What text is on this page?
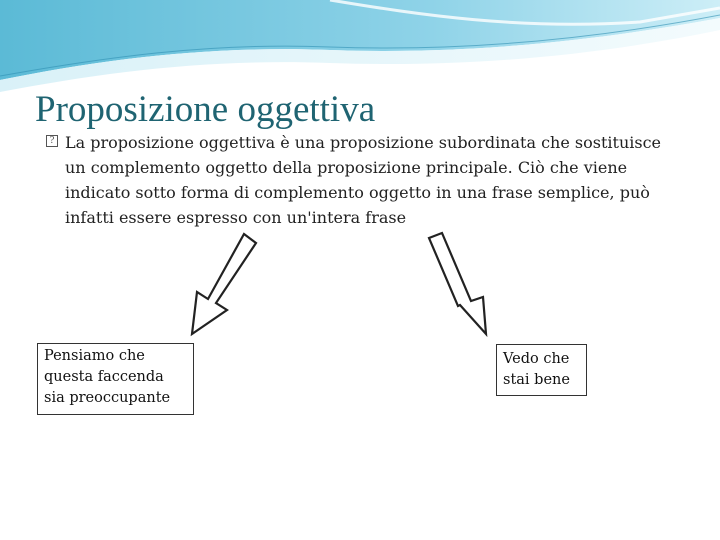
Proposizione oggettiva
? La proposizione oggettiva è una proposizione subordinata che sostituisce un complemento oggetto della proposizione principale. Ciò che viene indicato sotto forma di complemento oggetto in una frase semplice, può infatti essere espresso con un'intera frase

Pensiamo che
questa faccenda
sia preoccupante
Vedo che
stai bene
